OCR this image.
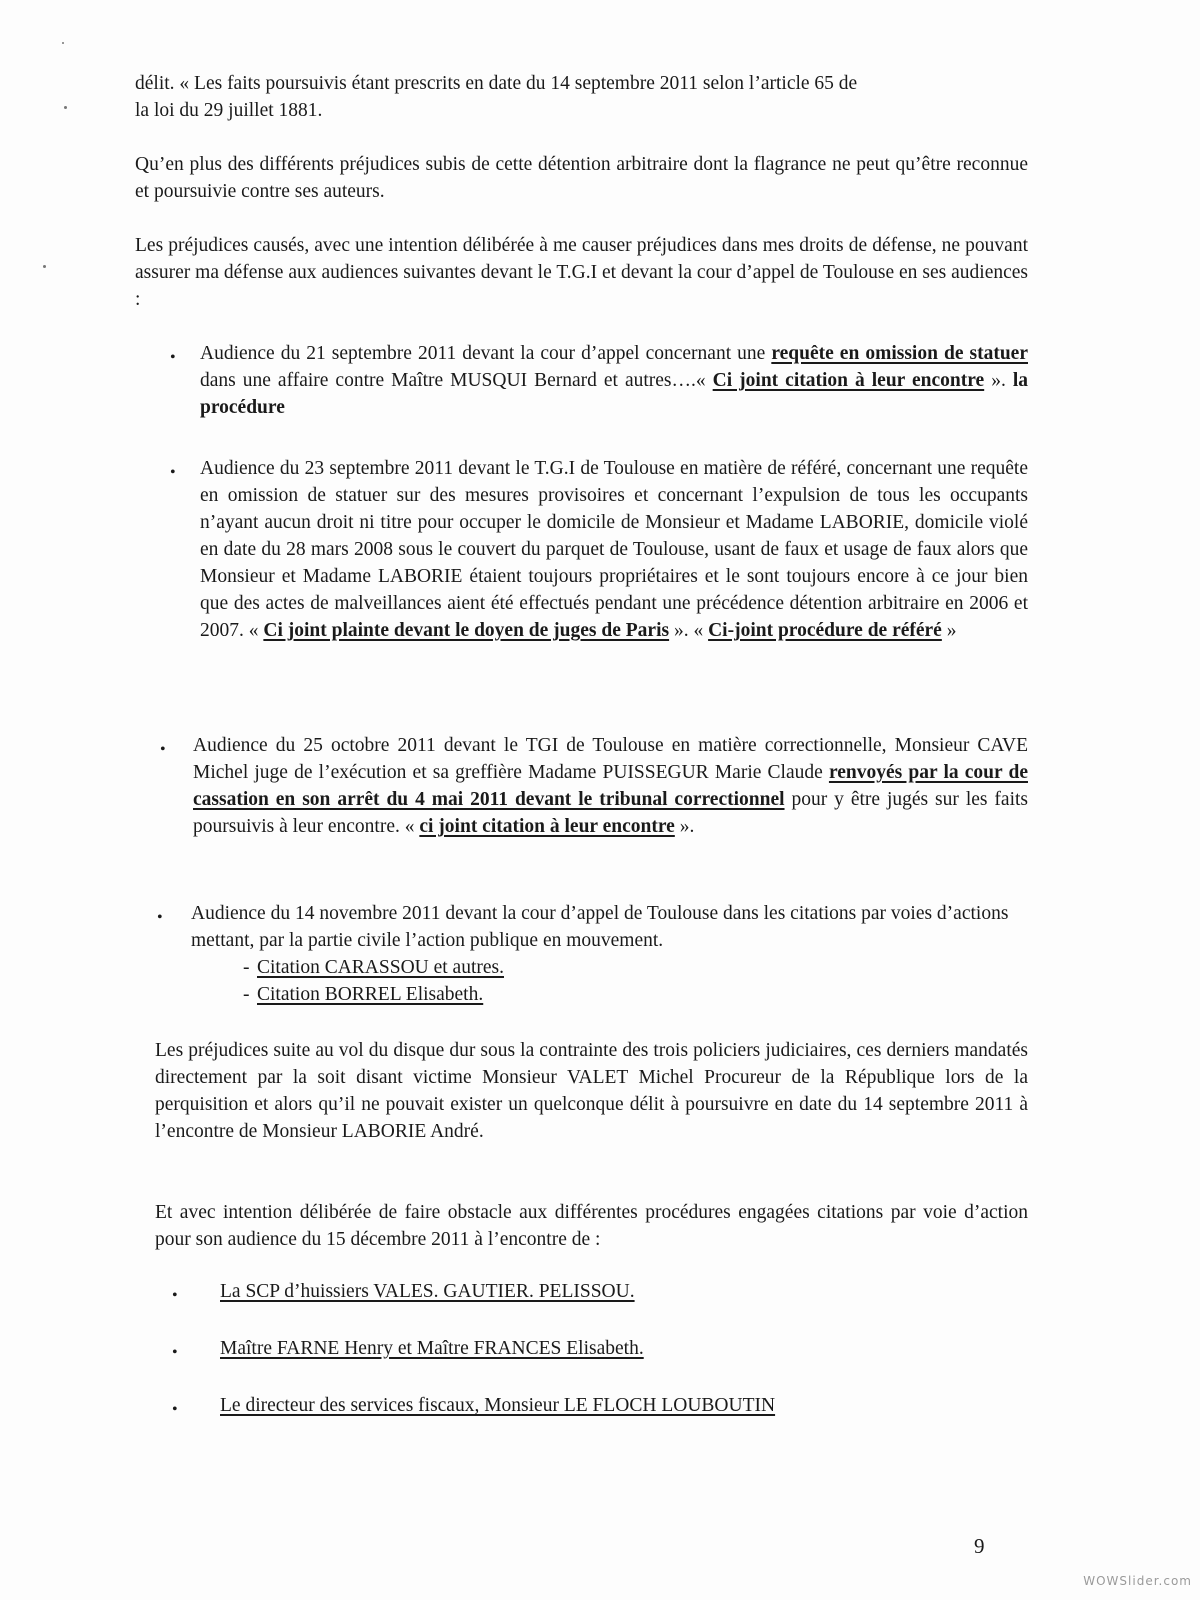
délit. « Les faits poursuivis étant prescrits en date du 14 septembre 2011 selon l’article 65 de
la loi du 29 juillet 1881.

Qu’en plus des différents préjudices subis de cette détention arbitraire dont la flagrance ne peut qu’être reconnue et poursuivie contre ses auteurs.

Les préjudices causés, avec une intention délibérée à me causer préjudices dans mes droits de défense, ne pouvant assurer ma défense aux audiences suivantes devant le T.G.I et devant la cour d’appel de Toulouse en ses audiences :

• Audience du 21 septembre 2011 devant la cour d’appel concernant une requête en omission de statuer dans une affaire contre Maître MUSQUI Bernard et autres….« Ci joint citation à leur encontre ». la procédure

• Audience du 23 septembre 2011 devant le T.G.I de Toulouse en matière de référé, concernant une requête en omission de statuer sur des mesures provisoires et concernant l’expulsion de tous les occupants n’ayant aucun droit ni titre pour occuper le domicile de Monsieur et Madame LABORIE, domicile violé en date du 28 mars 2008 sous le couvert du parquet de Toulouse, usant de faux et usage de faux alors que Monsieur et Madame LABORIE étaient toujours propriétaires et le sont toujours encore à ce jour bien que des actes de malveillances aient été effectués pendant une précédence détention arbitraire en 2006 et 2007. « Ci joint plainte devant le doyen de juges de Paris ». « Ci-joint procédure de référé »

• Audience du 25 octobre 2011 devant le TGI de Toulouse en matière correctionnelle, Monsieur CAVE Michel juge de l’exécution et sa greffière Madame PUISSEGUR Marie Claude renvoyés par la cour de cassation en son arrêt du 4 mai 2011 devant le tribunal correctionnel pour y être jugés sur les faits poursuivis à leur encontre. « ci joint citation à leur encontre ».

• Audience du 14 novembre 2011 devant la cour d’appel de Toulouse dans les citations par voies d’actions mettant, par la partie civile l’action publique en mouvement.

- Citation CARASSOU et autres.
- Citation BORREL Elisabeth.

Les préjudices suite au vol du disque dur sous la contrainte des trois policiers judiciaires, ces derniers mandatés directement par la soit disant victime Monsieur VALET Michel Procureur de la République lors de la perquisition et alors qu’il ne pouvait exister un quelconque délit à poursuivre en date du 14 septembre 2011 à l’encontre de Monsieur LABORIE André.

Et avec intention délibérée de faire obstacle aux différentes procédures engagées citations par voie d’action pour son audience du 15 décembre 2011 à l’encontre de :

• La SCP d’huissiers VALES. GAUTIER. PELISSOU.
• Maître FARNE Henry et Maître FRANCES Elisabeth.
• Le directeur des services fiscaux, Monsieur LE FLOCH LOUBOUTIN
9
WOWSlider.com
